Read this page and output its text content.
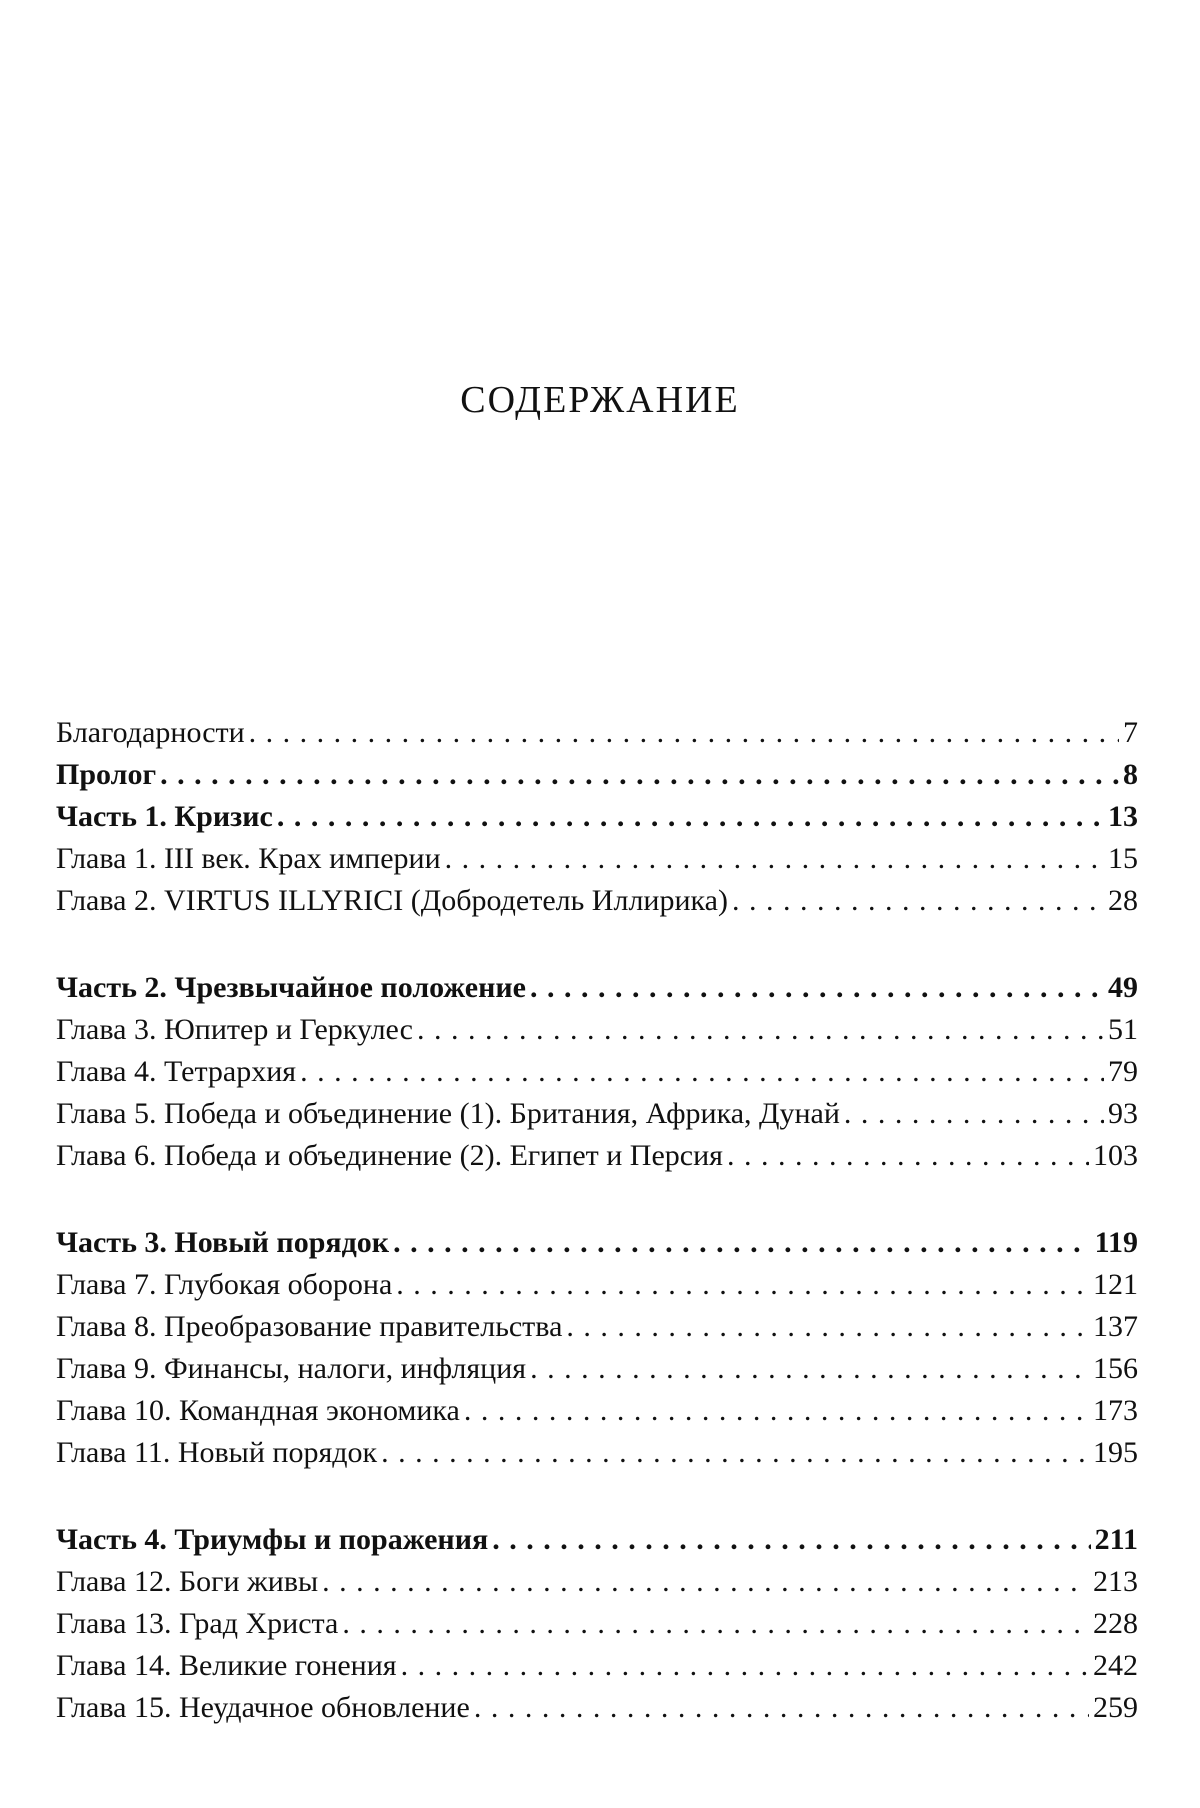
СОДЕРЖАНИЕ
Благодарности . . .	7
Пролог . . .	8
Часть 1. Кризис . . .	13
Глава 1. III век. Крах империи . . .	15
Глава 2. VIRTUS ILLYRICI (Добродетель Иллирика) . . .	28
Часть 2. Чрезвычайное положение . . .	49
Глава 3. Юпитер и Геркулес . . .	51
Глава 4. Тетрархия . . .	79
Глава 5. Победа и объединение (1). Британия, Африка, Дунай . . .	93
Глава 6. Победа и объединение (2). Египет и Персия . . .	103
Часть 3. Новый порядок . . .	119
Глава 7. Глубокая оборона . . .	121
Глава 8. Преобразование правительства . . .	137
Глава 9. Финансы, налоги, инфляция . . .	156
Глава 10. Командная экономика . . .	173
Глава 11. Новый порядок . . .	195
Часть 4. Триумфы и поражения . . .	211
Глава 12. Боги живы . . .	213
Глава 13. Град Христа . . .	228
Глава 14. Великие гонения . . .	242
Глава 15. Неудачное обновление . . .	259
